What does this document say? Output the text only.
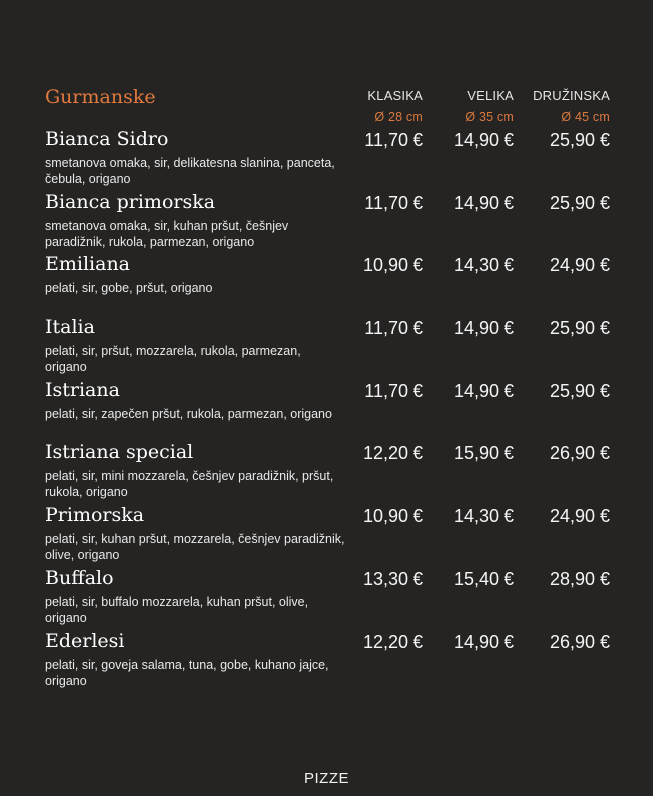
Gurmanske	KLASIKA
Ø 28 cm
VELIKA
Ø 35 cm
DRUŽINSKA
Ø 45 cm
Bianca Sidro
smetanova omaka, sir, delikatesna slanina, panceta, čebula, origano
11,70 € 14,90 € 25,90 €
Bianca primorska
smetanova omaka, sir, kuhan pršut, češnjev paradižnik, rukola, parmezan, origano
11,70 € 14,90 € 25,90 €
Emiliana
pelati, sir, gobe, pršut, origano
10,90 € 14,30 € 24,90 €
Italia
pelati, sir, pršut, mozzarela, rukola, parmezan, origano
11,70 € 14,90 € 25,90 €
Istriana
pelati, sir, zapečen pršut, rukola, parmezan, origano
11,70 € 14,90 € 25,90 €
Istriana special
pelati, sir, mini mozzarela, češnjev paradižnik, pršut, rukola, origano
12,20 € 15,90 € 26,90 €
Primorska
pelati, sir, kuhan pršut, mozzarela, češnjev paradižnik, olive, origano
10,90 € 14,30 € 24,90 €
Buffalo
pelati, sir, buffalo mozzarela, kuhan pršut, olive, origano
13,30 € 15,40 € 28,90 €
Ederlesi
pelati, sir, goveja salama, tuna, gobe, kuhano jajce, origano
12,20 € 14,90 € 26,90 €
PIZZE
